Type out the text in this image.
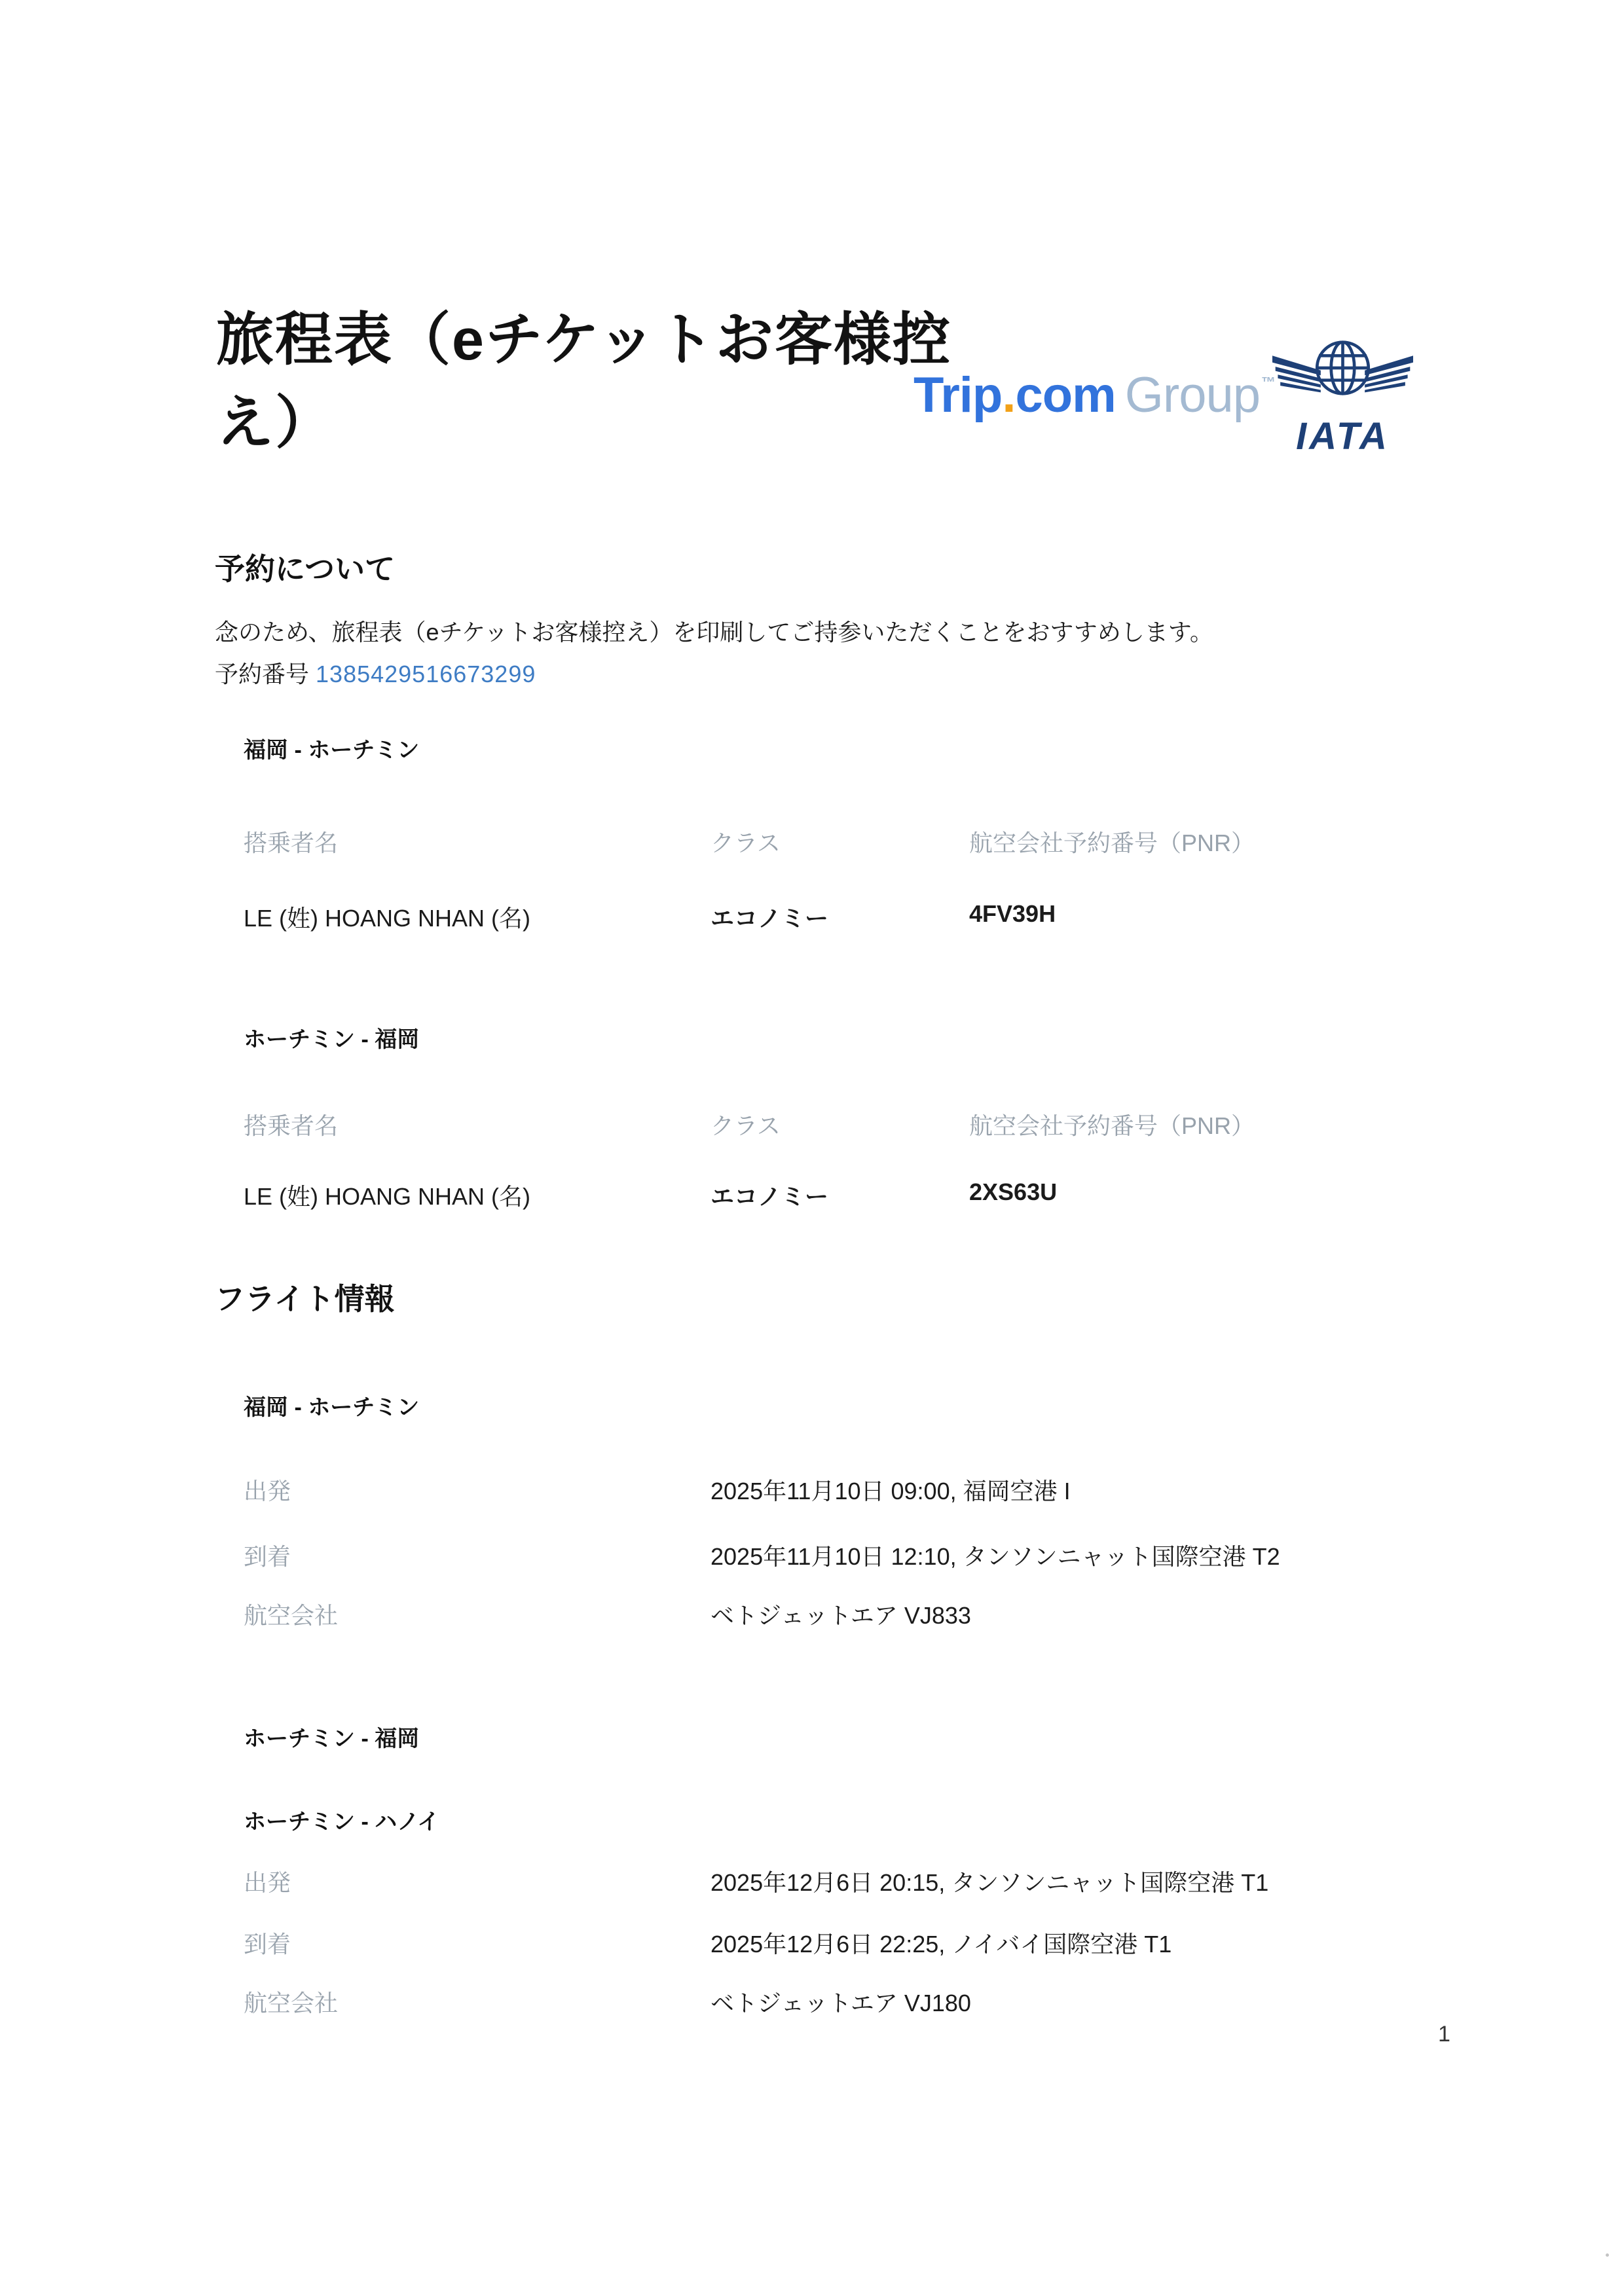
旅程表（eチケットお客様控え）	Trip.com Group™
IATA
予約について
念のため、旅程表（eチケットお客様控え）を印刷してご持参いただくことをおすすめします。
予約番号 1385429516673299
福岡 - ホーチミン
搭乗者名	クラス	航空会社予約番号（PNR）
LE (姓) HOANG NHAN (名)	エコノミー	4FV39H
ホーチミン - 福岡
搭乗者名	クラス	航空会社予約番号（PNR）
LE (姓) HOANG NHAN (名)	エコノミー	2XS63U
フライト情報
福岡 - ホーチミン
出発	2025年11月10日 09:00, 福岡空港 I
到着	2025年11月10日 12:10, タンソンニャット国際空港 T2
航空会社	ベトジェットエア VJ833
ホーチミン - 福岡
ホーチミン - ハノイ
出発	2025年12月6日 20:15, タンソンニャット国際空港 T1
到着	2025年12月6日 22:25, ノイバイ国際空港 T1
航空会社	ベトジェットエア VJ180
1
